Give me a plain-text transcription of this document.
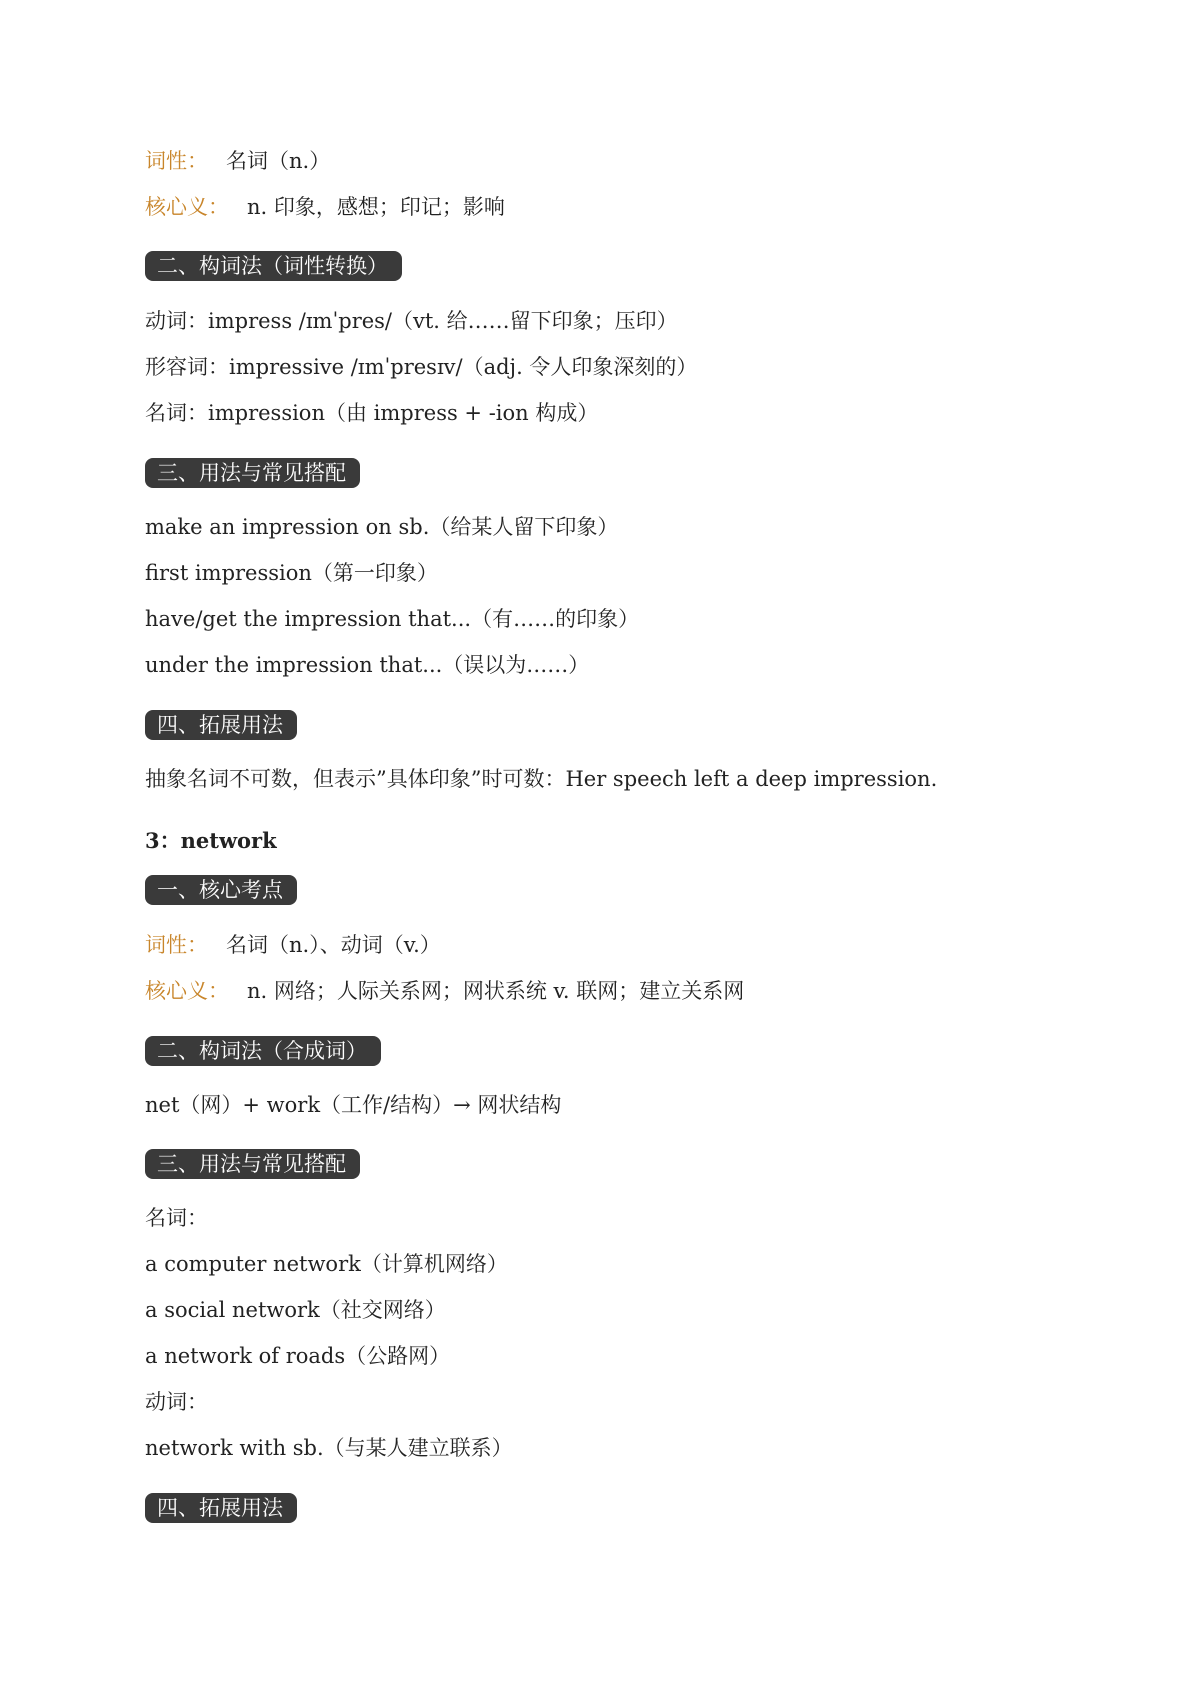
词性： 名词（n.）
核心义： n. 印象，感想；印记；影响
二、构词法（词性转换）
动词：impress /ɪmˈpres/（vt. 给……留下印象；压印）
形容词：impressive /ɪmˈpresɪv/（adj. 令人印象深刻的）
名词：impression（由 impress + -ion 构成）
三、用法与常见搭配
make an impression on sb.（给某人留下印象）
first impression（第一印象）
have/get the impression that...（有……的印象）
under the impression that...（误以为……）
四、拓展用法
抽象名词不可数，但表示”具体印象”时可数：Her speech left a deep impression.
3：network
一、核心考点
词性： 名词（n.）、动词（v.）
核心义： n. 网络；人际关系网；网状系统 v. 联网；建立关系网
二、构词法（合成词）
net（网）+ work（工作/结构）→ 网状结构
三、用法与常见搭配
名词：
a computer network（计算机网络）
a social network（社交网络）
a network of roads（公路网）
动词：
network with sb.（与某人建立联系）
四、拓展用法
